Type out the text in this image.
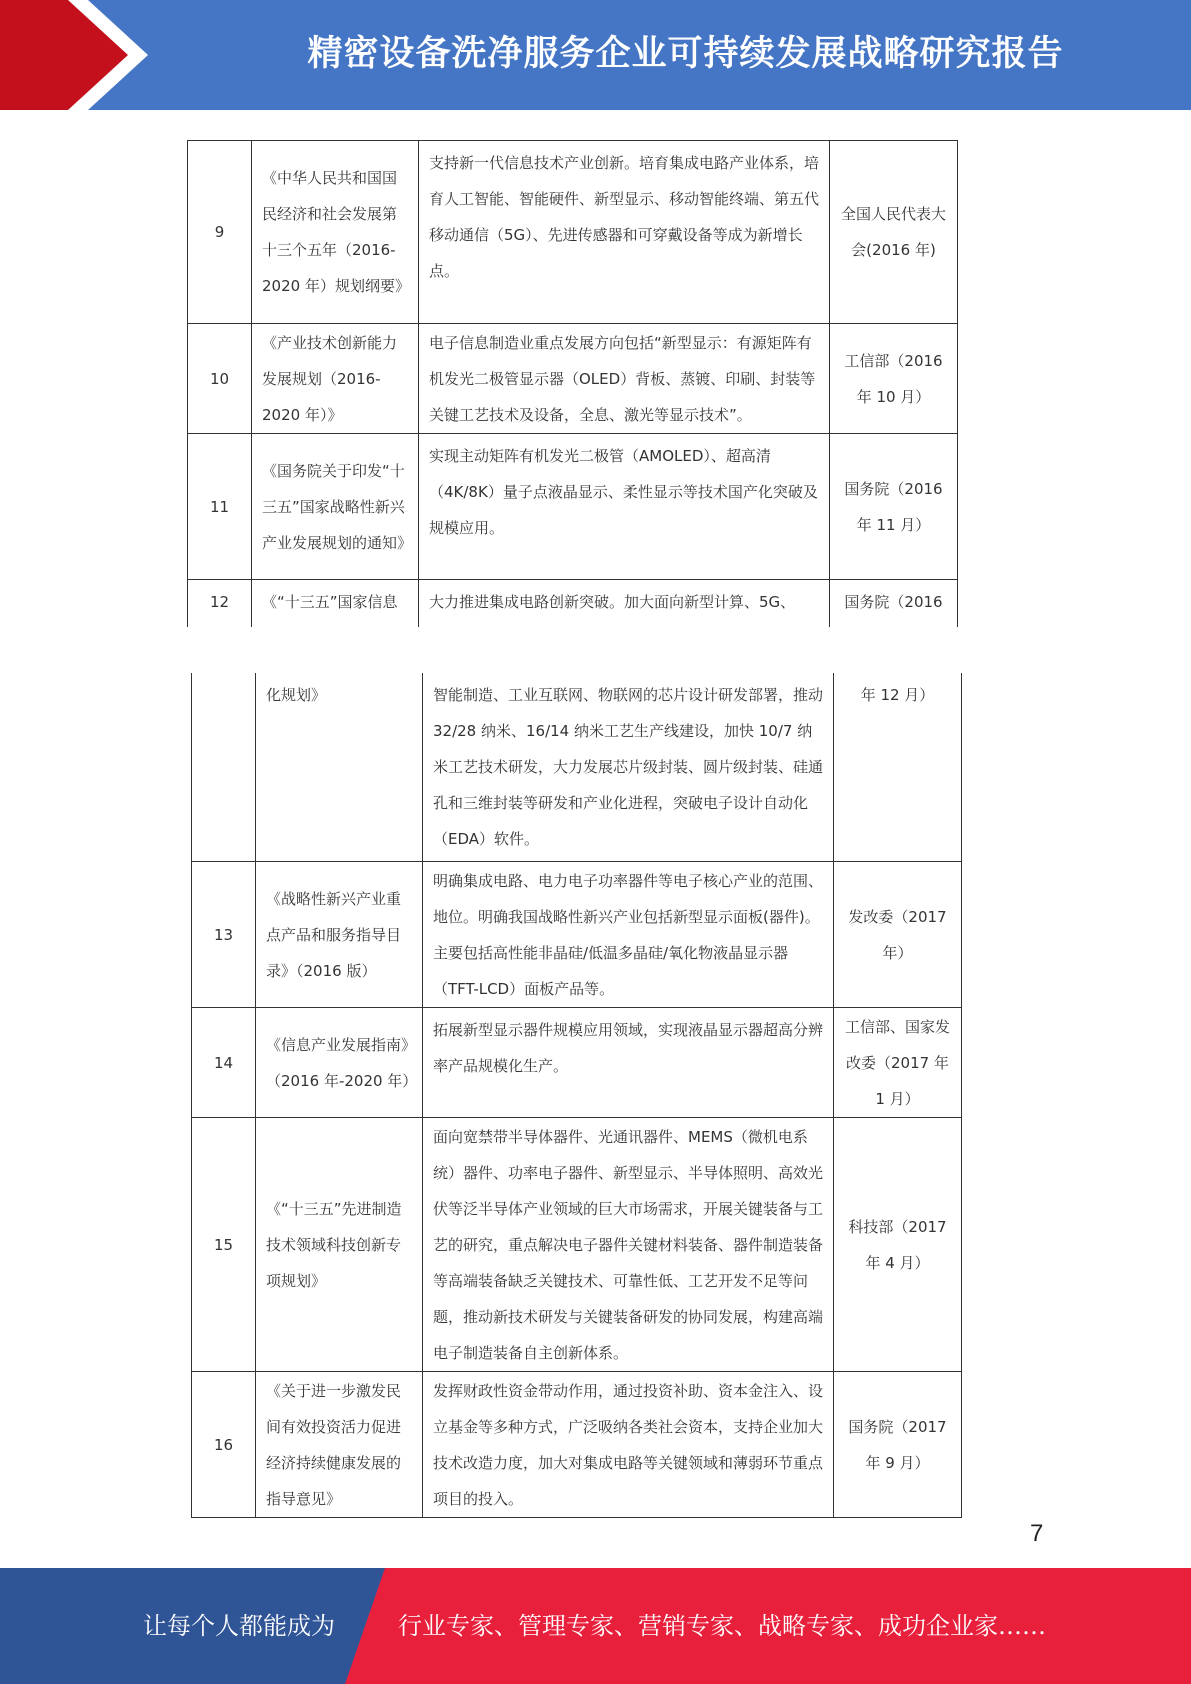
精密设备洗净服务企业可持续发展战略研究报告
9	《中华人民共和国国民经济和社会发展第十三个五年（2016-2020 年）规划纲要》	支持新一代信息技术产业创新。培育集成电路产业体系，培育人工智能、智能硬件、新型显示、移动智能终端、第五代移动通信（5G）、先进传感器和可穿戴设备等成为新增长点。	全国人民代表大会(2016 年)
10	《产业技术创新能力发展规划（2016-2020 年）》	电子信息制造业重点发展方向包括“新型显示：有源矩阵有机发光二极管显示器（OLED）背板、蒸镀、印刷、封装等关键工艺技术及设备，全息、激光等显示技术”。	工信部（2016 年 10 月）
11	《国务院关于印发“十三五”国家战略性新兴产业发展规划的通知》	实现主动矩阵有机发光二极管（AMOLED）、超高清（4K/8K）量子点液晶显示、柔性显示等技术国产化突破及规模应用。	国务院（2016 年 11 月）
12	《“十三五”国家信息	大力推进集成电路创新突破。加大面向新型计算、5G、	国务院（2016
	化规划》	智能制造、工业互联网、物联网的芯片设计研发部署，推动 32/28 纳米、16/14 纳米工艺生产线建设，加快 10/7 纳米工艺技术研发，大力发展芯片级封装、圆片级封装、硅通孔和三维封装等研发和产业化进程，突破电子设计自动化（EDA）软件。	年 12 月）
13	《战略性新兴产业重点产品和服务指导目录》（2016 版）	明确集成电路、电力电子功率器件等电子核心产业的范围、地位。明确我国战略性新兴产业包括新型显示面板(器件)。主要包括高性能非晶硅/低温多晶硅/氧化物液晶显示器（TFT-LCD）面板产品等。	发改委（2017 年）
14	《信息产业发展指南》（2016 年-2020 年）	拓展新型显示器件规模应用领域，实现液晶显示器超高分辨率产品规模化生产。	工信部、国家发改委（2017 年 1 月）
15	《“十三五”先进制造技术领域科技创新专项规划》	面向宽禁带半导体器件、光通讯器件、MEMS（微机电系统）器件、功率电子器件、新型显示、半导体照明、高效光伏等泛半导体产业领域的巨大市场需求，开展关键装备与工艺的研究，重点解决电子器件关键材料装备、器件制造装备等高端装备缺乏关键技术、可靠性低、工艺开发不足等问题，推动新技术研发与关键装备研发的协同发展，构建高端电子制造装备自主创新体系。	科技部（2017 年 4 月）
16	《关于进一步激发民间有效投资活力促进经济持续健康发展的指导意见》	发挥财政性资金带动作用，通过投资补助、资本金注入、设立基金等多种方式，广泛吸纳各类社会资本，支持企业加大技术改造力度，加大对集成电路等关键领域和薄弱环节重点项目的投入。	国务院（2017 年 9 月）
7
让每个人都能成为	行业专家、管理专家、营销专家、战略专家、成功企业家……
